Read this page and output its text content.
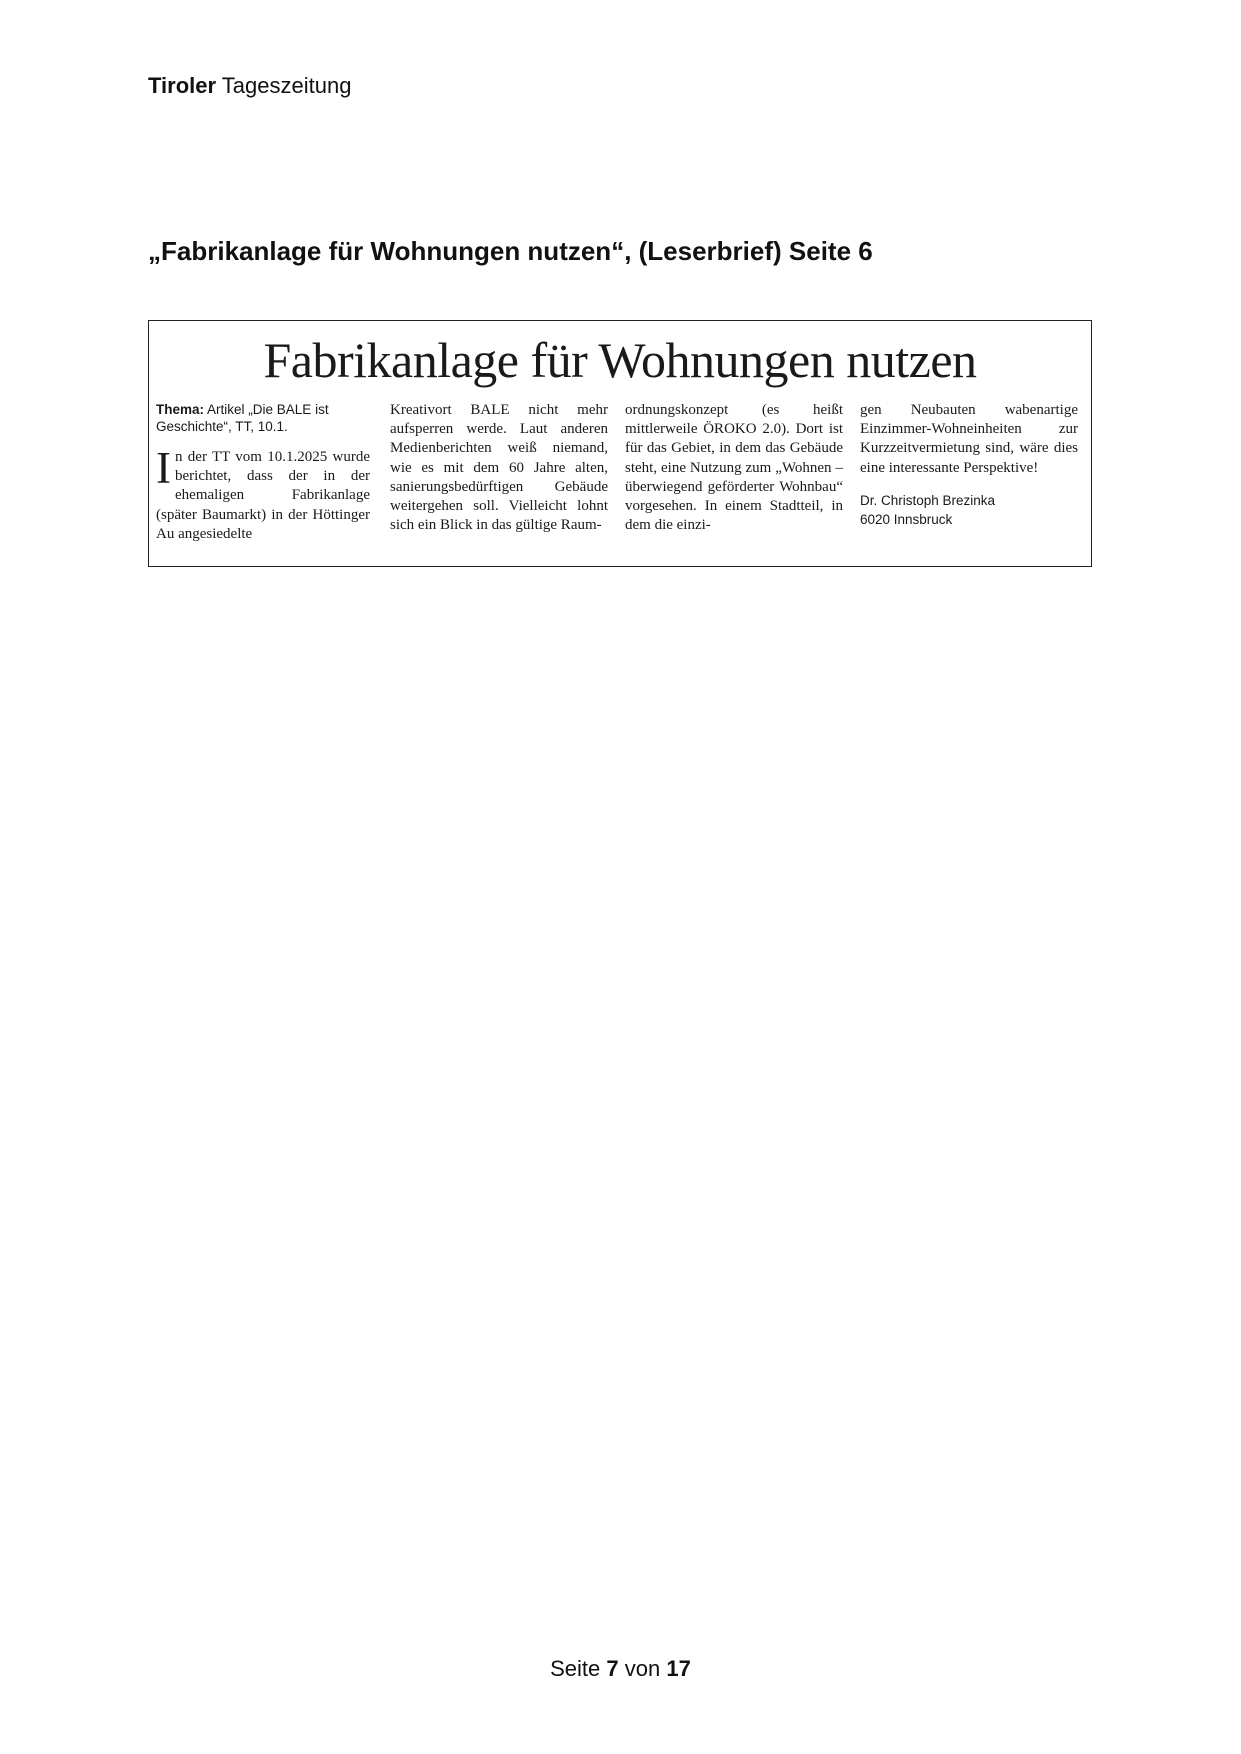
Tiroler Tageszeitung
„Fabrikanlage für Wohnungen nutzen“, (Leserbrief) Seite 6
Fabrikanlage für Wohnungen nutzen
Thema: Artikel „Die BALE ist Geschichte“, TT, 10.1.
I n der TT vom 10.1.2025 wurde berichtet, dass der in der ehemaligen Fabrikanlage (später Baumarkt) in der Höttinger Au angesiedelte
Kreativort BALE nicht mehr aufsperren werde. Laut anderen Medienberichten weiß niemand, wie es mit dem 60 Jahre alten, sanierungsbedürftigen Gebäude weitergehen soll. Vielleicht lohnt sich ein Blick in das gültige Raum-
ordnungskonzept (es heißt mittlerweile ÖROKO 2.0). Dort ist für das Gebiet, in dem das Gebäude steht, eine Nutzung zum „Wohnen – überwiegend geförderter Wohnbau“ vorgesehen. In einem Stadtteil, in dem die einzi-
gen Neubauten wabenartige Einzimmer-Wohneinheiten zur Kurzzeitvermietung sind, wäre dies eine interessante Perspektive!
Dr. Christoph Brezinka
6020 Innsbruck
Seite 7 von 17
